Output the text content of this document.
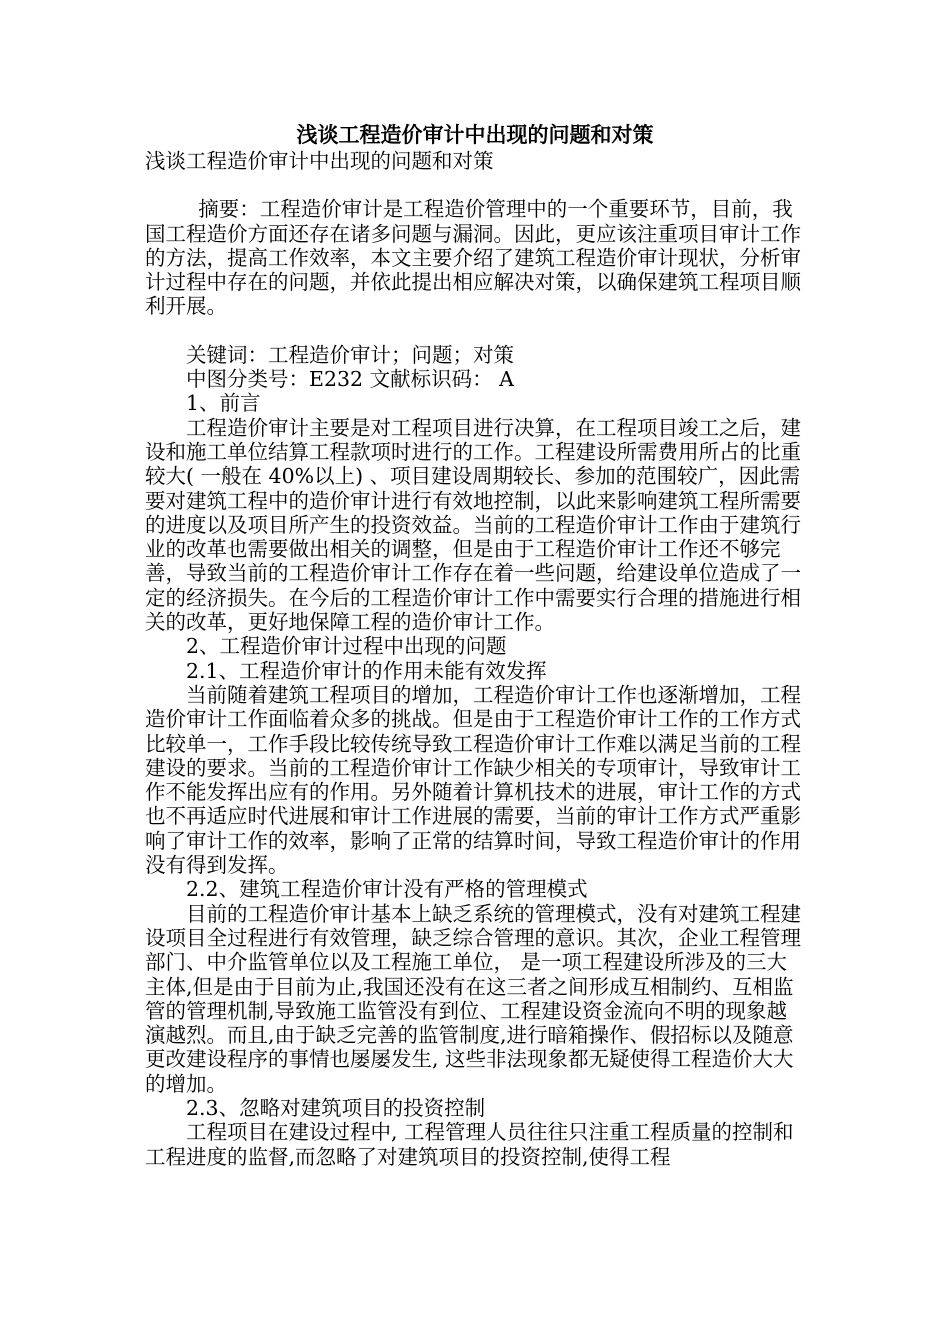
浅谈工程造价审计中出现的问题和对策

浅谈工程造价审计中出现的问题和对策

摘要：工程造价审计是工程造价管理中的一个重要环节，目前，我国工程造价方面还存在诸多问题与漏洞。因此，更应该注重项目审计工作的方法，提高工作效率，本文主要介绍了建筑工程造价审计现状，分析审计过程中存在的问题，并依此提出相应解决对策，以确保建筑工程项目顺利开展。

关键词：工程造价审计；问题；对策

中图分类号：E232 文献标识码： A

1、前言

工程造价审计主要是对工程项目进行决算，在工程项目竣工之后，建设和施工单位结算工程款项时进行的工作。工程建设所需费用所占的比重较大( 一般在 40%以上) 、项目建设周期较长、参加的范围较广，因此需要对建筑工程中的造价审计进行有效地控制，以此来影响建筑工程所需要的进度以及项目所产生的投资效益。当前的工程造价审计工作由于建筑行业的改革也需要做出相关的调整，但是由于工程造价审计工作还不够完善，导致当前的工程造价审计工作存在着一些问题，给建设单位造成了一定的经济损失。在今后的工程造价审计工作中需要实行合理的措施进行相关的改革，更好地保障工程的造价审计工作。

2、工程造价审计过程中出现的问题

2.1、工程造价审计的作用未能有效发挥

当前随着建筑工程项目的增加，工程造价审计工作也逐渐增加，工程造价审计工作面临着众多的挑战。但是由于工程造价审计工作的工作方式比较单一，工作手段比较传统导致工程造价审计工作难以满足当前的工程建设的要求。当前的工程造价审计工作缺少相关的专项审计，导致审计工作不能发挥出应有的作用。另外随着计算机技术的进展，审计工作的方式也不再适应时代进展和审计工作进展的需要，当前的审计工作方式严重影响了审计工作的效率，影响了正常的结算时间，导致工程造价审计的作用没有得到发挥。

2.2、建筑工程造价审计没有严格的管理模式

目前的工程造价审计基本上缺乏系统的管理模式，没有对建筑工程建设项目全过程进行有效管理，缺乏综合管理的意识。其次，企业工程管理部门、中介监管单位以及工程施工单位， 是一项工程建设所涉及的三大主体,但是由于目前为止,我国还没有在这三者之间形成互相制约、互相监管的管理机制,导致施工监管没有到位、工程建设资金流向不明的现象越演越烈。而且,由于缺乏完善的监管制度,进行暗箱操作、假招标以及随意更改建设程序的事情也屡屡发生, 这些非法现象都无疑使得工程造价大大的增加。

2.3、忽略对建筑项目的投资控制

工程项目在建设过程中, 工程管理人员往往只注重工程质量的控制和工程进度的监督,而忽略了对建筑项目的投资控制,使得工程
